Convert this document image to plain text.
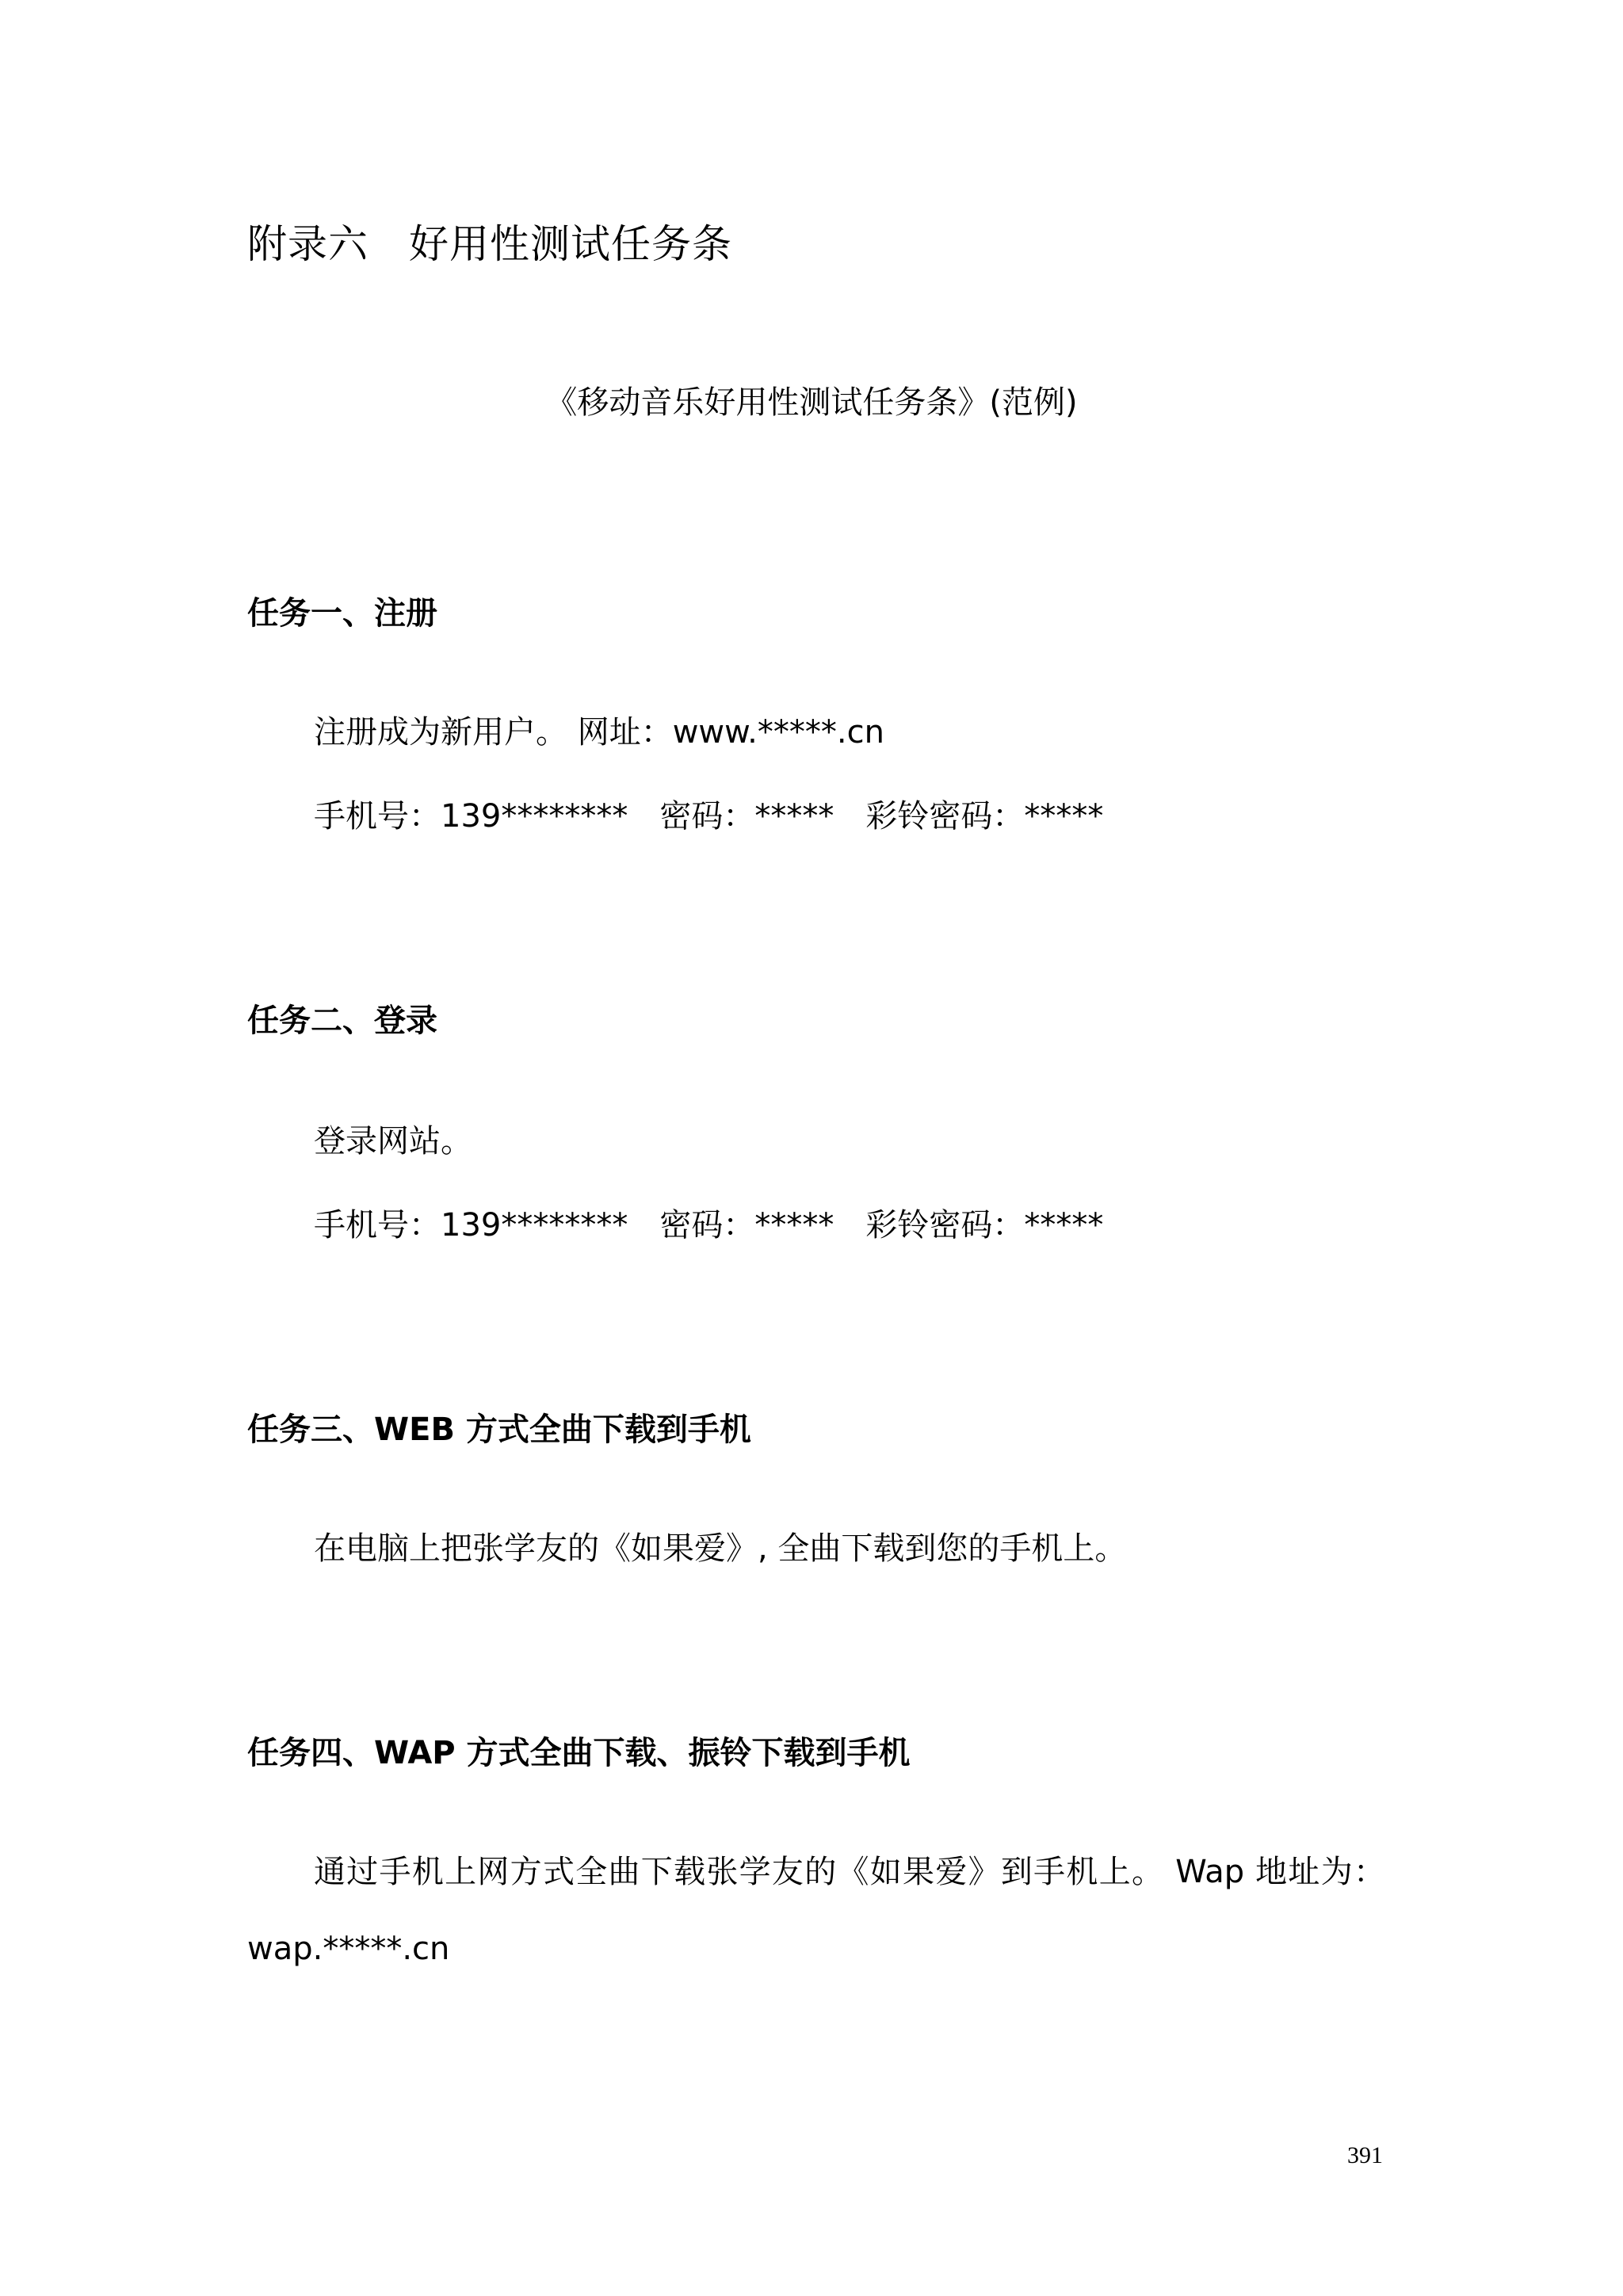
附录六　好用性测试任务条
《移动音乐好用性测试任务条》(范例)
任务一、注册
注册成为新用户。 网址：www.*****.cn
手机号：139********　密码：*****　彩铃密码：*****
任务二、登录
登录网站。
手机号：139********　密码：*****　彩铃密码：*****
任务三、WEB 方式全曲下载到手机
在电脑上把张学友的《如果爱》, 全曲下载到您的手机上。
任务四、WAP 方式全曲下载、振铃下载到手机
通过手机上网方式全曲下载张学友的《如果爱》到手机上。 Wap 地址为：
wap.*****.cn
391
